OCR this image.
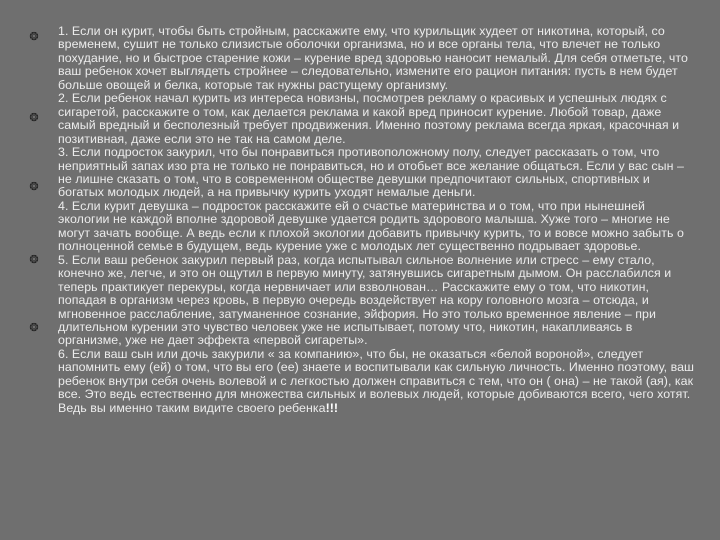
❂
❂
❂
❂
❂

1. Если он курит, чтобы быть стройным, расскажите ему, что курильщик худеет от никотина, который, со временем, сушит не только слизистые оболочки организма, но и все органы тела, что влечет не только похудание, но и быстрое старение кожи – курение вред здоровью наносит немалый. Для себя отметьте, что ваш ребенок хочет выглядеть стройнее – следовательно, измените его рацион питания: пусть в нем будет больше овощей и белка, которые так нужны растущему организму.

2. Если ребенок начал курить из интереса новизны, посмотрев рекламу о красивых и успешных людях с сигаретой, расскажите о том, как делается реклама и какой вред приносит курение. Любой товар, даже самый вредный и бесполезный требует продвижения. Именно поэтому реклама всегда яркая, красочная и позитивная, даже если это не так на самом деле.

3. Если подросток закурил, что бы понравиться противоположному полу, следует рассказать о том, что неприятный запах изо рта не только не понравиться, но и отобьет все желание общаться. Если у вас сын – не лишне сказать о том, что в современном обществе девушки предпочитают сильных, спортивных и богатых молодых людей, а на привычку курить уходят немалые деньги.

4. Если курит девушка – подросток расскажите ей о счастье материнства и о том, что при нынешней экологии не каждой вполне здоровой девушке удается родить здорового малыша. Хуже того – многие не могут зачать вообще. А ведь если к плохой экологии добавить привычку курить, то и вовсе можно забыть о полноценной семье в будущем, ведь курение уже с молодых лет существенно подрывает здоровье.

5. Если ваш ребенок закурил первый раз, когда испытывал сильное волнение или стресс – ему стало, конечно же, легче, и это он ощутил в первую минуту, затянувшись сигаретным дымом. Он расслабился и теперь практикует перекуры, когда нервничает или взволнован… Расскажите ему о том, что никотин, попадая в организм через кровь, в первую очередь воздействует на кору головного мозга – отсюда, и мгновенное расслабление, затуманенное сознание, эйфория. Но это только временное явление – при длительном курении это чувство человек уже не испытывает, потому что, никотин, накапливаясь в организме, уже не дает эффекта «первой сигареты».

6. Если ваш сын или дочь закурили « за компанию», что бы, не оказаться «белой вороной», следует напомнить ему (ей) о том, что вы его (ее) знаете и воспитывали как сильную личность. Именно поэтому, ваш ребенок внутри себя очень волевой и с легкостью должен справиться с тем, что он ( она) – не такой (ая), как все. Это ведь естественно для множества сильных и волевых людей, которые добиваются всего, чего хотят. Ведь вы именно таким видите своего ребенка!!!
